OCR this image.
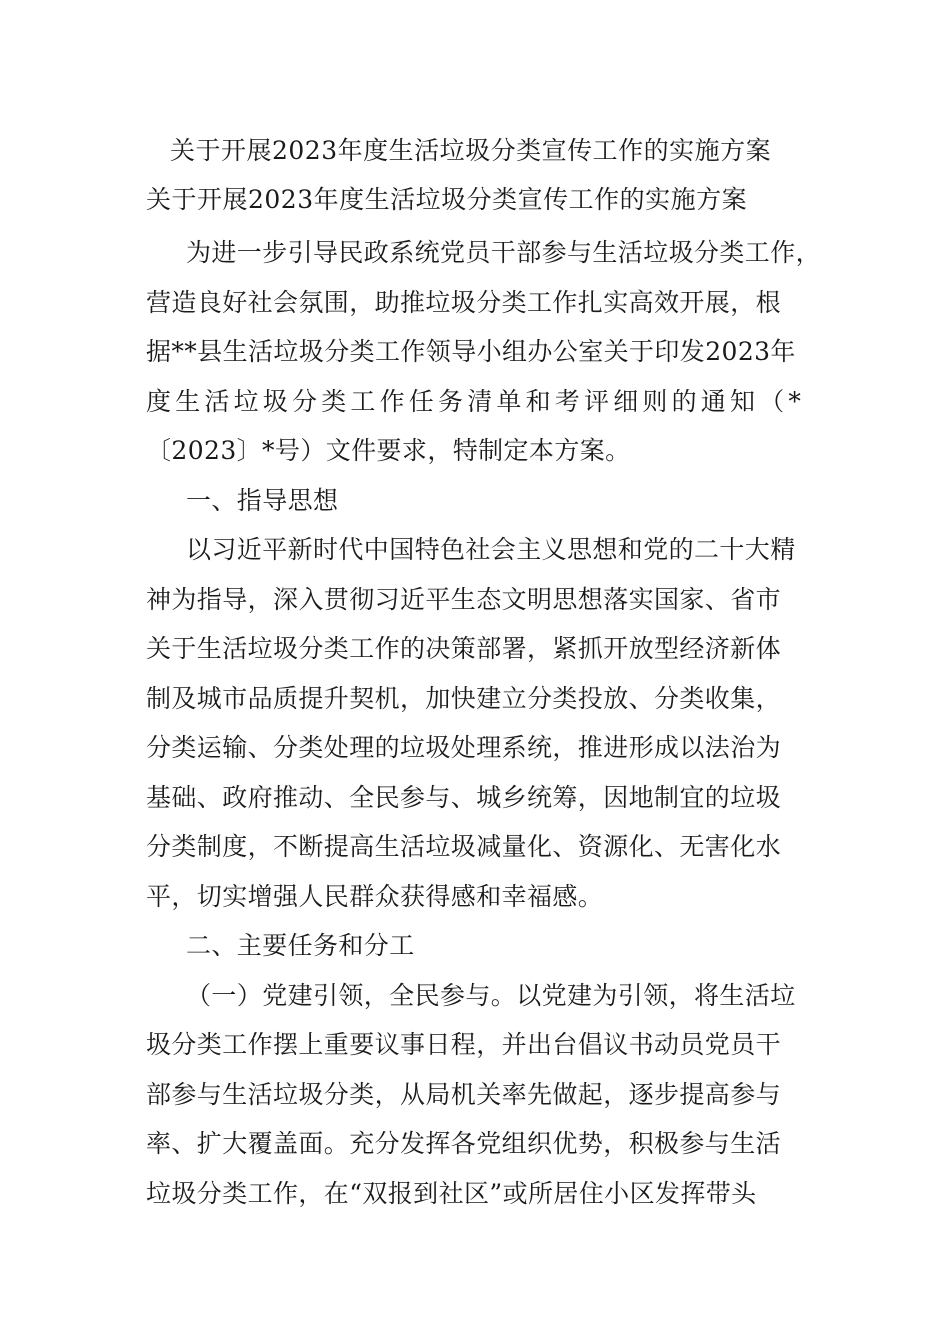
关于开展2023年度生活垃圾分类宣传工作的实施方案
关于开展2023年度生活垃圾分类宣传工作的实施方案
为进一步引导民政系统党员干部参与生活垃圾分类工作，
营造良好社会氛围，助推垃圾分类工作扎实高效开展，根
据**县生活垃圾分类工作领导小组办公室关于印发2023年
度生活垃圾分类工作任务清单和考评细则的通知（*
〔2023〕*号）文件要求，特制定本方案。
一、指导思想
以习近平新时代中国特色社会主义思想和党的二十大精
神为指导，深入贯彻习近平生态文明思想落实国家、省市
关于生活垃圾分类工作的决策部署，紧抓开放型经济新体
制及城市品质提升契机，加快建立分类投放、分类收集，
分类运输、分类处理的垃圾处理系统，推进形成以法治为
基础、政府推动、全民参与、城乡统筹，因地制宜的垃圾
分类制度，不断提高生活垃圾减量化、资源化、无害化水
平，切实增强人民群众获得感和幸福感。
二、主要任务和分工
（一）党建引领，全民参与。以党建为引领，将生活垃
圾分类工作摆上重要议事日程，并出台倡议书动员党员干
部参与生活垃圾分类，从局机关率先做起，逐步提高参与
率、扩大覆盖面。充分发挥各党组织优势，积极参与生活
垃圾分类工作，在“双报到社区”或所居住小区发挥带头
